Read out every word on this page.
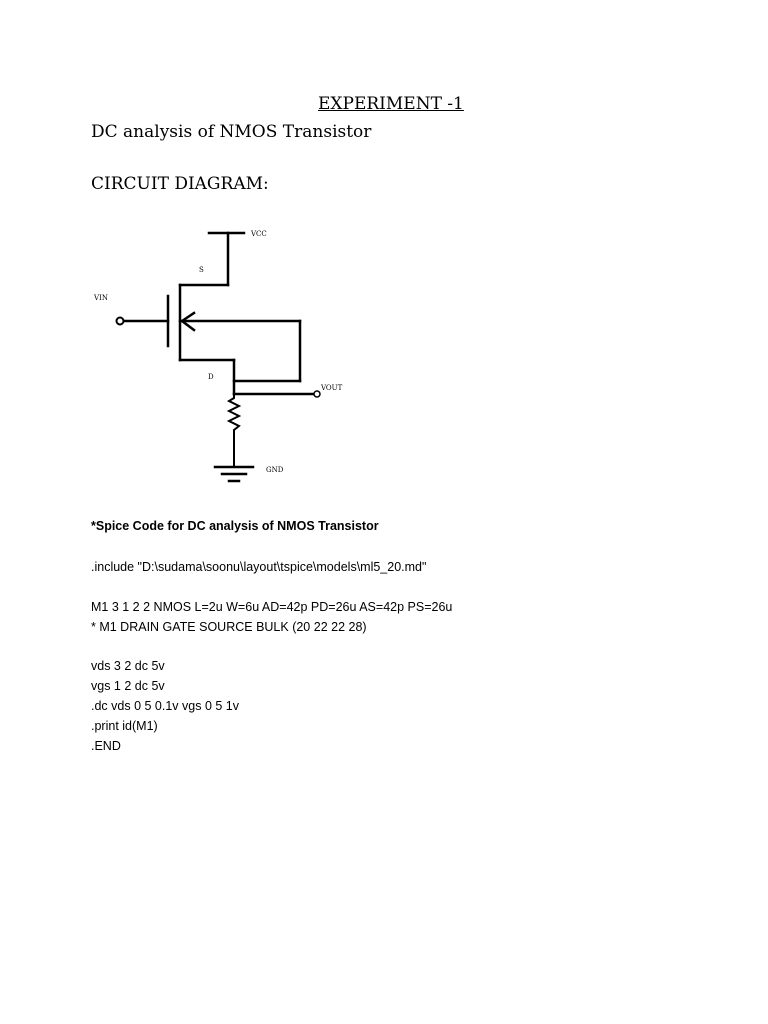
EXPERIMENT -1
DC analysis of NMOS Transistor
CIRCUIT DIAGRAM:
VCC
S
VIN
D
VOUT
GND
*Spice Code for DC analysis of NMOS Transistor
.include "D:\sudama\soonu\layout\tspice\models\ml5_20.md"
M1 3 1 2 2 NMOS L=2u W=6u AD=42p PD=26u AS=42p PS=26u
* M1 DRAIN GATE SOURCE BULK (20 22 22 28)
vds 3 2 dc 5v
vgs 1 2 dc 5v
.dc vds 0 5 0.1v vgs 0 5 1v
.print id(M1)
.END
